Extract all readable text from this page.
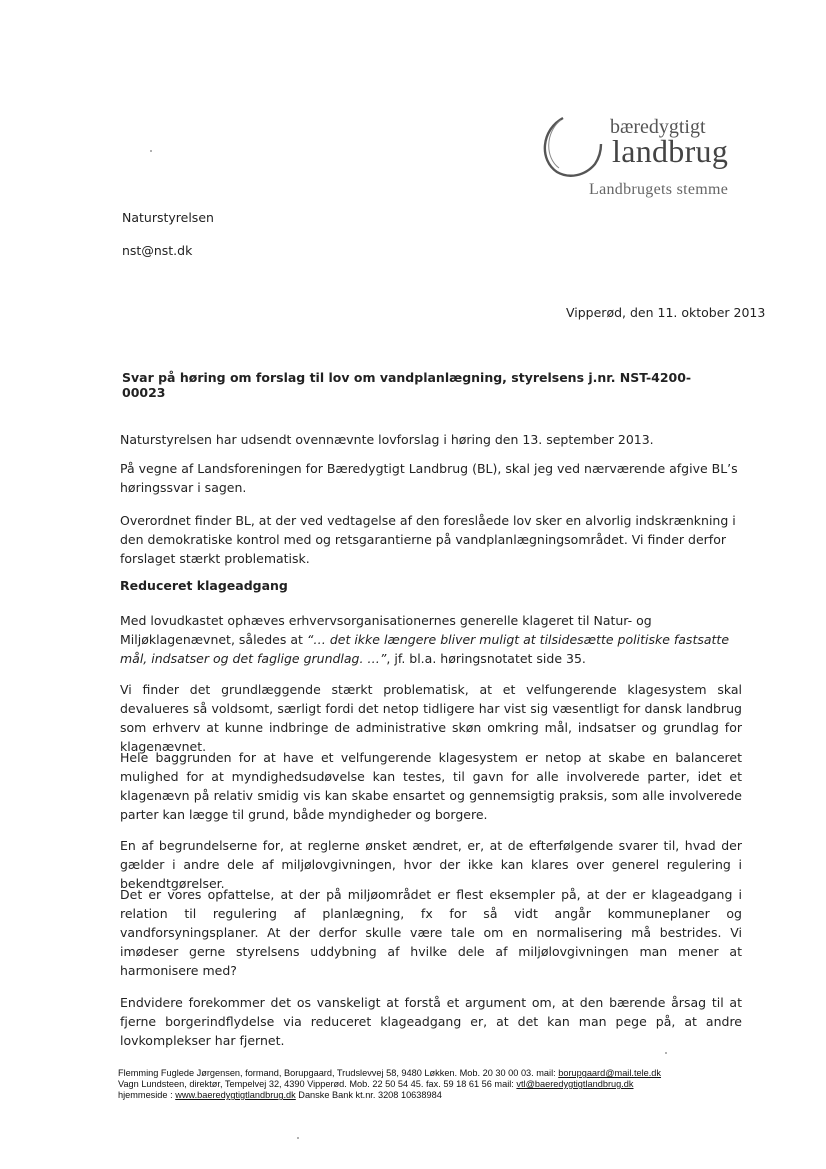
bæredygtigt
landbrug
Landbrugets stemme
Naturstyrelsen
nst@nst.dk
Vipperød, den 11. oktober 2013
Svar på høring om forslag til lov om vandplanlægning, styrelsens j.nr. NST-4200-00023
Naturstyrelsen har udsendt ovennævnte lovforslag i høring den 13. september 2013.
På vegne af Landsforeningen for Bæredygtigt Landbrug (BL), skal jeg ved nærværende afgive BL’s høringssvar i sagen.
Overordnet finder BL, at der ved vedtagelse af den foreslåede lov sker en alvorlig indskrænkning i den demokratiske kontrol med og retsgarantierne på vandplanlægningsområdet. Vi finder derfor forslaget stærkt problematisk.
Reduceret klageadgang
Med lovudkastet ophæves erhvervsorganisationernes generelle klageret til Natur- og Miljøklagenævnet, således at “… det ikke længere bliver muligt at tilsidesætte politiske fastsatte mål, indsatser og det faglige grundlag. …”, jf. bl.a. høringsnotatet side 35.
Vi finder det grundlæggende stærkt problematisk, at et velfungerende klagesystem skal devalueres så voldsomt, særligt fordi det netop tidligere har vist sig væsentligt for dansk landbrug som erhverv at kunne indbringe de administrative skøn omkring mål, indsatser og grundlag for klagenævnet.
Hele baggrunden for at have et velfungerende klagesystem er netop at skabe en balanceret mulighed for at myndighedsudøvelse kan testes, til gavn for alle involverede parter, idet et klagenævn på relativ smidig vis kan skabe ensartet og gennemsigtig praksis, som alle involverede parter kan lægge til grund, både myndigheder og borgere.
En af begrundelserne for, at reglerne ønsket ændret, er, at de efterfølgende svarer til, hvad der gælder i andre dele af miljølovgivningen, hvor der ikke kan klares over generel regulering i bekendtgørelser.
Det er vores opfattelse, at der på miljøområdet er flest eksempler på, at der er klageadgang i relation til regulering af planlægning, fx for så vidt angår kommuneplaner og vandforsyningsplaner. At der derfor skulle være tale om en normalisering må bestrides. Vi imødeser gerne styrelsens uddybning af hvilke dele af miljølovgivningen man mener at harmonisere med?
Endvidere forekommer det os vanskeligt at forstå et argument om, at den bærende årsag til at fjerne borgerindflydelse via reduceret klageadgang er, at det kan man pege på, at andre lovkomplekser har fjernet.
Flemming Fuglede Jørgensen, formand, Borupgaard, Trudslevvej 58, 9480 Løkken. Mob. 20 30 00 03. mail: borupgaard@mail.tele.dk
Vagn Lundsteen, direktør, Tempelvej 32, 4390 Vipperød. Mob. 22 50 54 45. fax. 59 18 61 56 mail: vtl@baeredygtigtlandbrug.dk
hjemmeside : www.baeredygtigtlandbrug.dk Danske Bank kt.nr. 3208 10638984
